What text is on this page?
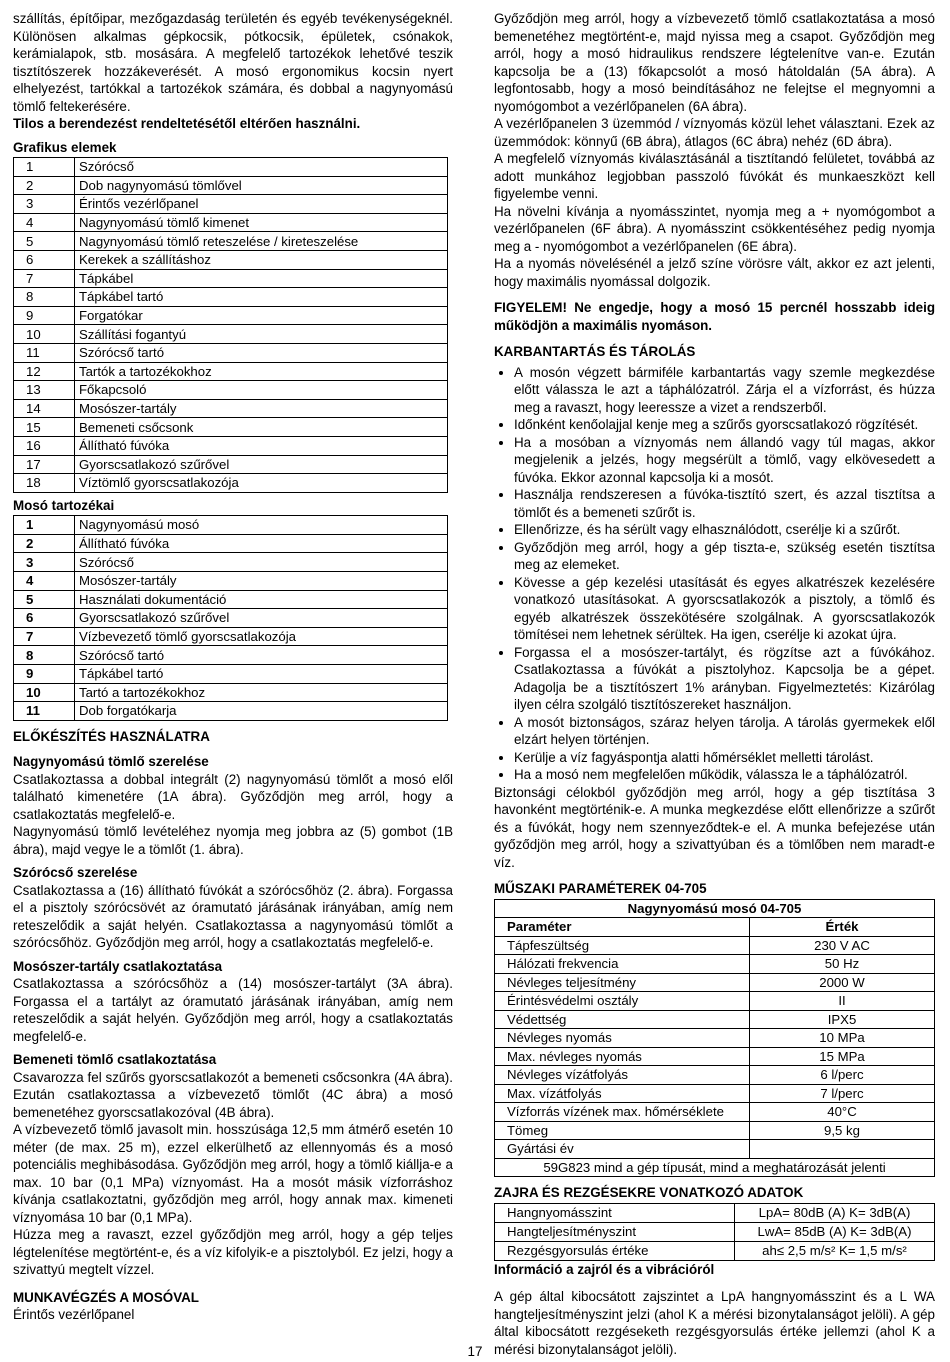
szállítás, építőipar, mezőgazdaság területén és egyéb tevékenységeknél. Különösen alkalmas gépkocsik, pótkocsik, épületek, csónakok, kerámialapok, stb. mosására. A megfelelő tartozékok lehetővé teszik tisztítószerek hozzákeverését. A mosó ergonomikus kocsin nyert elhelyezést, tartókkal a tartozékok számára, és dobbal a nagynyomású tömlő feltekerésére.

Tilos a berendezést rendeltetésétől eltérően használni.

Grafikus elemek

1	Szórócső
2	Dob nagynyomású tömlővel
3	Érintős vezérlőpanel
4	Nagynyomású tömlő kimenet
5	Nagynyomású tömlő reteszelése / kireteszelése
6	Kerekek a szállításhoz
7	Tápkábel
8	Tápkábel tartó
9	Forgatókar
10	Szállítási fogantyú
11	Szórócső tartó
12	Tartók a tartozékokhoz
13	Főkapcsoló
14	Mosószer-tartály
15	Bemeneti csőcsonk
16	Állítható fúvóka
17	Gyorscsatlakozó szűrővel
18	Víztömlő gyorscsatlakozója

Mosó tartozékai

1	Nagynyomású mosó
2	Állítható fúvóka
3	Szórócső
4	Mosószer-tartály
5	Használati dokumentáció
6	Gyorscsatlakozó szűrővel
7	Vízbevezető tömlő gyorscsatlakozója
8	Szórócső tartó
9	Tápkábel tartó
10	Tartó a tartozékokhoz
11	Dob forgatókarja

ELŐKÉSZÍTÉS HASZNÁLATRA

Nagynyomású tömlő szerelése

Csatlakoztassa a dobbal integrált (2) nagynyomású tömlőt a mosó elől található kimenetére (1A ábra). Győződjön meg arról, hogy a csatlakoztatás megfelelő-e.

Nagynyomású tömlő levételéhez nyomja meg jobbra az (5) gombot (1B ábra), majd vegye le a tömlőt (1. ábra).

Szórócső szerelése

Csatlakoztassa a (16) állítható fúvókát a szórócsőhöz (2. ábra). Forgassa el a pisztoly szórócsövét az óramutató járásának irányában, amíg nem reteszelődik a saját helyén. Csatlakoztassa a nagynyomású tömlőt a szórócsőhöz. Győződjön meg arról, hogy a csatlakoztatás megfelelő-e.

Mosószer-tartály csatlakoztatása

Csatlakoztassa a szórócsőhöz a (14) mosószer-tartályt (3A ábra). Forgassa el a tartályt az óramutató járásának irányában, amíg nem reteszelődik a saját helyén. Győződjön meg arról, hogy a csatlakoztatás megfelelő-e.

Bemeneti tömlő csatlakoztatása

Csavarozza fel szűrős gyorscsatlakozót a bemeneti csőcsonkra (4A ábra). Ezután csatlakoztassa a vízbevezető tömlőt (4C ábra) a mosó bemenetéhez gyorscsatlakozóval (4B ábra).

A vízbevezető tömlő javasolt min. hosszúsága 12,5 mm átmérő esetén 10 méter (de max. 25 m), ezzel elkerülhető az ellennyomás és a mosó potenciális meghibásodása. Győződjön meg arról, hogy a tömlő kiállja-e a max. 10 bar (0,1 MPa) víznyomást. Ha a mosót másik vízforráshoz kívánja csatlakoztatni, győződjön meg arról, hogy annak max. kimeneti víznyomása 10 bar (0,1 MPa).

Húzza meg a ravaszt, ezzel győződjön meg arról, hogy a gép teljes légtelenítése megtörtént-e, és a víz kifolyik-e a pisztolyból. Ez jelzi, hogy a szivattyú megtelt vízzel.

MUNKAVÉGZÉS A MOSÓVAL

Érintős vezérlőpanel

Győződjön meg arról, hogy a vízbevezető tömlő csatlakoztatása a mosó bemenetéhez megtörtént-e, majd nyissa meg a csapot. Győződjön meg arról, hogy a mosó hidraulikus rendszere légtelenítve van-e. Ezután kapcsolja be a (13) főkapcsolót a mosó hátoldalán (5A ábra). A legfontosabb, hogy a mosó beindításához ne felejtse el megnyomni a nyomógombot a vezérlőpanelen (6A ábra).

A vezérlőpanelen 3 üzemmód / víznyomás közül lehet választani. Ezek az üzemmódok: könnyű (6B ábra), átlagos (6C ábra) nehéz (6D ábra).

A megfelelő víznyomás kiválasztásánál a tisztítandó felületet, továbbá az adott munkához legjobban passzoló fúvókát és munkaeszközt kell figyelembe venni.

Ha növelni kívánja a nyomásszintet, nyomja meg a + nyomógombot a vezérlőpanelen (6F ábra). A nyomásszint csökkentéséhez pedig nyomja meg a - nyomógombot a vezérlőpanelen (6E ábra).

Ha a nyomás növelésénél a jelző színe vörösre vált, akkor ez azt jelenti, hogy maximális nyomással dolgozik.

FIGYELEM! Ne engedje, hogy a mosó 15 percnél hosszabb ideig működjön a maximális nyomáson.

KARBANTARTÁS ÉS TÁROLÁS

• A mosón végzett bármiféle karbantartás vagy szemle megkezdése előtt válassza le azt a táphálózatról. Zárja el a vízforrást, és húzza meg a ravaszt, hogy leeressze a vizet a rendszerből.
• Időnként kenőolajjal kenje meg a szűrős gyorscsatlakozó rögzítését.
• Ha a mosóban a víznyomás nem állandó vagy túl magas, akkor megjelenik a jelzés, hogy megsérült a tömlő, vagy elkövesedett a fúvóka. Ekkor azonnal kapcsolja ki a mosót.
• Használja rendszeresen a fúvóka-tisztító szert, és azzal tisztítsa a tömlőt és a bemeneti szűrőt is.
• Ellenőrizze, és ha sérült vagy elhasználódott, cserélje ki a szűrőt.
• Győződjön meg arról, hogy a gép tiszta-e, szükség esetén tisztítsa meg az elemeket.
• Kövesse a gép kezelési utasítását és egyes alkatrészek kezelésére vonatkozó utasításokat. A gyorscsatlakozók a pisztoly, a tömlő és egyéb alkatrészek összekötésére szolgálnak. A gyorscsatlakozók tömítései nem lehetnek sérültek. Ha igen, cserélje ki azokat újra.
• Forgassa el a mosószer-tartályt, és rögzítse azt a fúvókához. Csatlakoztassa a fúvókát a pisztolyhoz. Kapcsolja be a gépet. Adagolja be a tisztítószert 1% arányban. Figyelmeztetés: Kizárólag ilyen célra szolgáló tisztítószereket használjon.
• A mosót biztonságos, száraz helyen tárolja. A tárolás gyermekek elől elzárt helyen történjen.
• Kerülje a víz fagyáspontja alatti hőmérséklet melletti tárolást.
• Ha a mosó nem megfelelően működik, válassza le a táphálózatról.

Biztonsági célokból győződjön meg arról, hogy a gép tisztítása 3 havonként megtörténik-e. A munka megkezdése előtt ellenőrizze a szűrőt és a fúvókát, hogy nem szennyeződtek-e el. A munka befejezése után győződjön meg arról, hogy a szivattyúban és a tömlőben nem maradt-e víz.

MŰSZAKI PARAMÉTEREK 04-705

Nagynyomású mosó 04-705	
Paraméter	Érték
Tápfeszültség	230 V AC
Hálózati frekvencia	50 Hz
Névleges teljesítmény	2000 W
Érintésvédelmi osztály	II
Védettség	IPX5
Névleges nyomás	10 MPa
Max. névleges nyomás	15 MPa
Névleges vízátfolyás	6 l/perc
Max. vízátfolyás	7 l/perc
Vízforrás vízének max. hőmérséklete	40°C
Tömeg	9,5 kg
Gyártási év	
59G823 mind a gép típusát, mind a meghatározását jelenti	

ZAJRA ÉS REZGÉSEKRE VONATKOZÓ ADATOK

Hangnyomásszint	LpA= 80dB (A) K= 3dB(A)
Hangteljesítményszint	LwA= 85dB (A) K= 3dB(A)
Rezgésgyorsulás értéke	ah≤ 2,5 m/s² K= 1,5 m/s²

Információ a zajról és a vibrációról

A gép által kibocsátott zajszintet a LpA hangnyomásszint és a L WA hangteljesítményszint jelzi (ahol K a mérési bizonytalanságot jelöli). A gép által kibocsátott rezgéseketh rezgésgyorsulás értéke jellemzi (ahol K a mérési bizonytalanságot jelöli).

17
